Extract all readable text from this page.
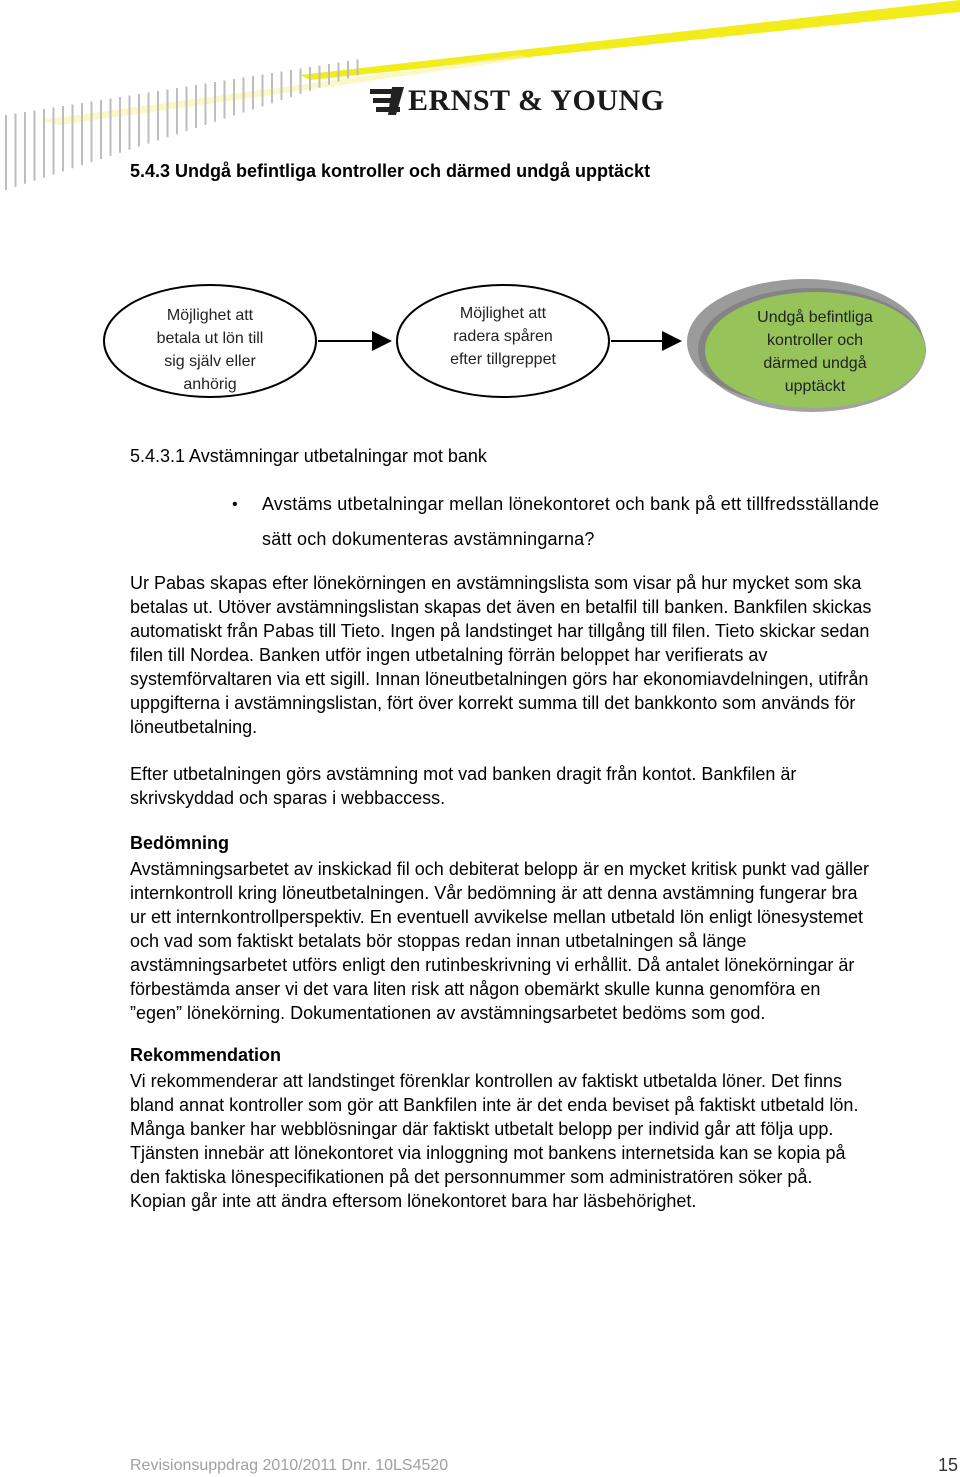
ERNST & YOUNG
5.4.3 Undgå befintliga kontroller och därmed undgå upptäckt
Möjlighet att
betala ut lön till
sig själv eller
anhörig
Möjlighet att
radera spåren
efter tillgreppet
Undgå befintliga
kontroller och
därmed undgå
upptäckt
5.4.3.1 Avstämningar utbetalningar mot bank
• Avstäms utbetalningar mellan lönekontoret och bank på ett tillfredsställande
sätt och dokumenteras avstämningarna?
Ur Pabas skapas efter lönekörningen en avstämningslista som visar på hur mycket som ska
betalas ut. Utöver avstämningslistan skapas det även en betalfil till banken. Bankfilen skickas
automatiskt från Pabas till Tieto. Ingen på landstinget har tillgång till filen. Tieto skickar sedan
filen till Nordea. Banken utför ingen utbetalning förrän beloppet har verifierats av
systemförvaltaren via ett sigill. Innan löneutbetalningen görs har ekonomiavdelningen, utifrån
uppgifterna i avstämningslistan, fört över korrekt summa till det bankkonto som används för
löneutbetalning.
Efter utbetalningen görs avstämning mot vad banken dragit från kontot. Bankfilen är
skrivskyddad och sparas i webbaccess.
Bedömning
Avstämningsarbetet av inskickad fil och debiterat belopp är en mycket kritisk punkt vad gäller
internkontroll kring löneutbetalningen. Vår bedömning är att denna avstämning fungerar bra
ur ett internkontrollperspektiv. En eventuell avvikelse mellan utbetald lön enligt lönesystemet
och vad som faktiskt betalats bör stoppas redan innan utbetalningen så länge
avstämningsarbetet utförs enligt den rutinbeskrivning vi erhållit. Då antalet lönekörningar är
förbestämda anser vi det vara liten risk att någon obemärkt skulle kunna genomföra en
”egen” lönekörning. Dokumentationen av avstämningsarbetet bedöms som god.
Rekommendation
Vi rekommenderar att landstinget förenklar kontrollen av faktiskt utbetalda löner. Det finns
bland annat kontroller som gör att Bankfilen inte är det enda beviset på faktiskt utbetald lön.
Många banker har webblösningar där faktiskt utbetalt belopp per individ går att följa upp.
Tjänsten innebär att lönekontoret via inloggning mot bankens internetsida kan se kopia på
den faktiska lönespecifikationen på det personnummer som administratören söker på.
Kopian går inte att ändra eftersom lönekontoret bara har läsbehörighet.
Revisionsuppdrag 2010/2011 Dnr. 10LS4520	15
